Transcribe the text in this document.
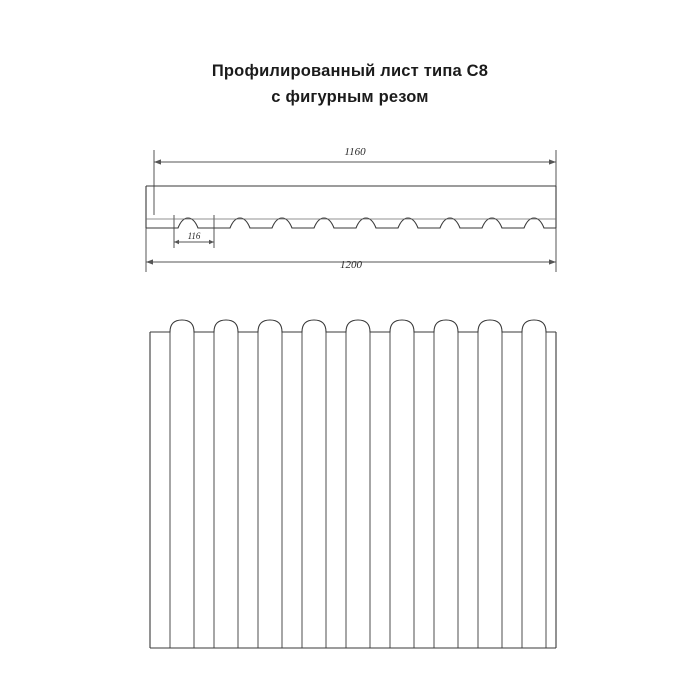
Профилированный лист типа С8
с фигурным резом
1160
1200
116
